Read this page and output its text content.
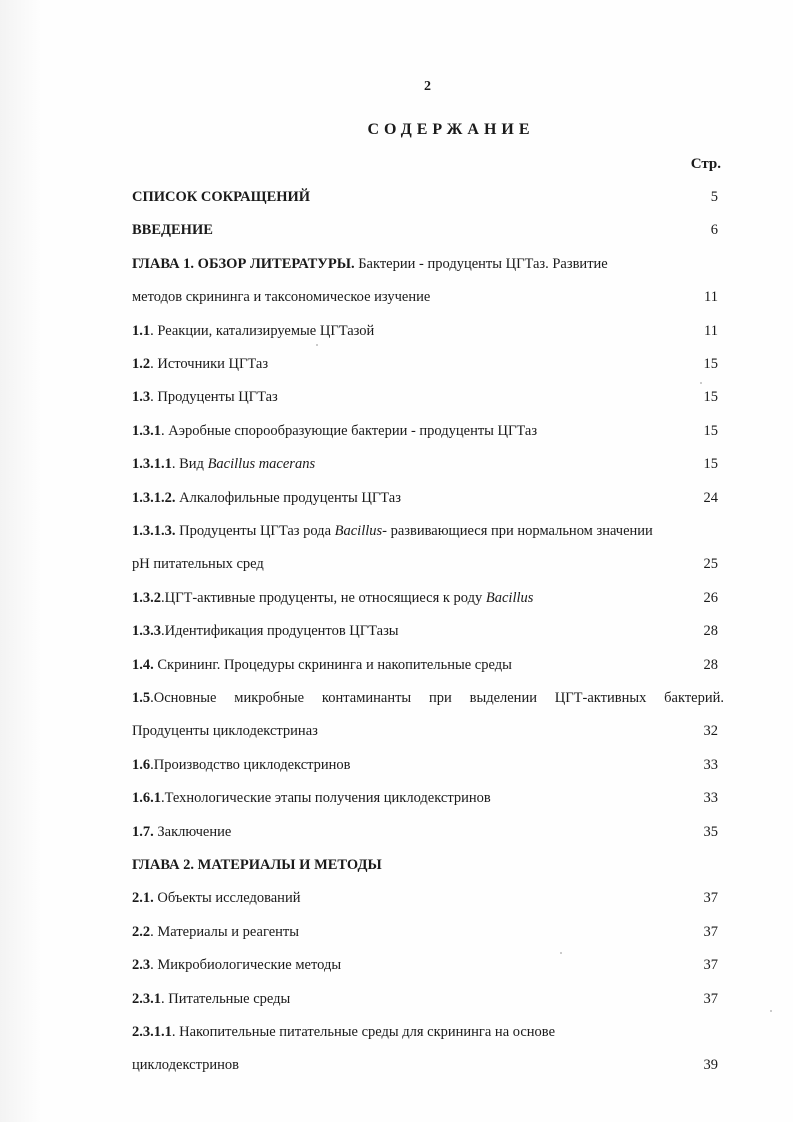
2
СОДЕРЖАНИЕ
Стр.
СПИСОК СОКРАЩЕНИЙ	5
ВВЕДЕНИЕ	6
ГЛАВА 1. ОБЗОР ЛИТЕРАТУРЫ. Бактерии - продуценты ЦГТаз. Развитие
методов скрининга и таксономическое изучение	11
1.1. Реакции, катализируемые ЦГТазой	11
1.2. Источники ЦГТаз	15
1.3. Продуценты ЦГТаз	15
1.3.1. Аэробные спорообразующие бактерии - продуценты ЦГТаз	15
1.3.1.1. Вид Bacillus macerans	15
1.3.1.2. Алкалофильные продуценты ЦГТаз	24
1.3.1.3. Продуценты ЦГТаз рода Bacillus- развивающиеся при нормальном значении
pH питательных сред	25
1.3.2.ЦГТ-активные продуценты, не относящиеся к роду Bacillus	26
1.3.3.Идентификация продуцентов ЦГТазы	28
1.4. Скрининг. Процедуры скрининга и накопительные среды	28
1.5.Основные микробные контаминанты при выделении ЦГТ-активных бактерий.
Продуценты циклодекстриназ	32
1.6.Производство циклодекстринов	33
1.6.1.Технологические этапы получения циклодекстринов	33
1.7. Заключение	35
ГЛАВА 2. МАТЕРИАЛЫ И МЕТОДЫ
2.1. Объекты исследований	37
2.2. Материалы и реагенты	37
2.3. Микробиологические методы	37
2.3.1. Питательные среды	37
2.3.1.1. Накопительные питательные среды для скрининга на основе
циклодекстринов	39
